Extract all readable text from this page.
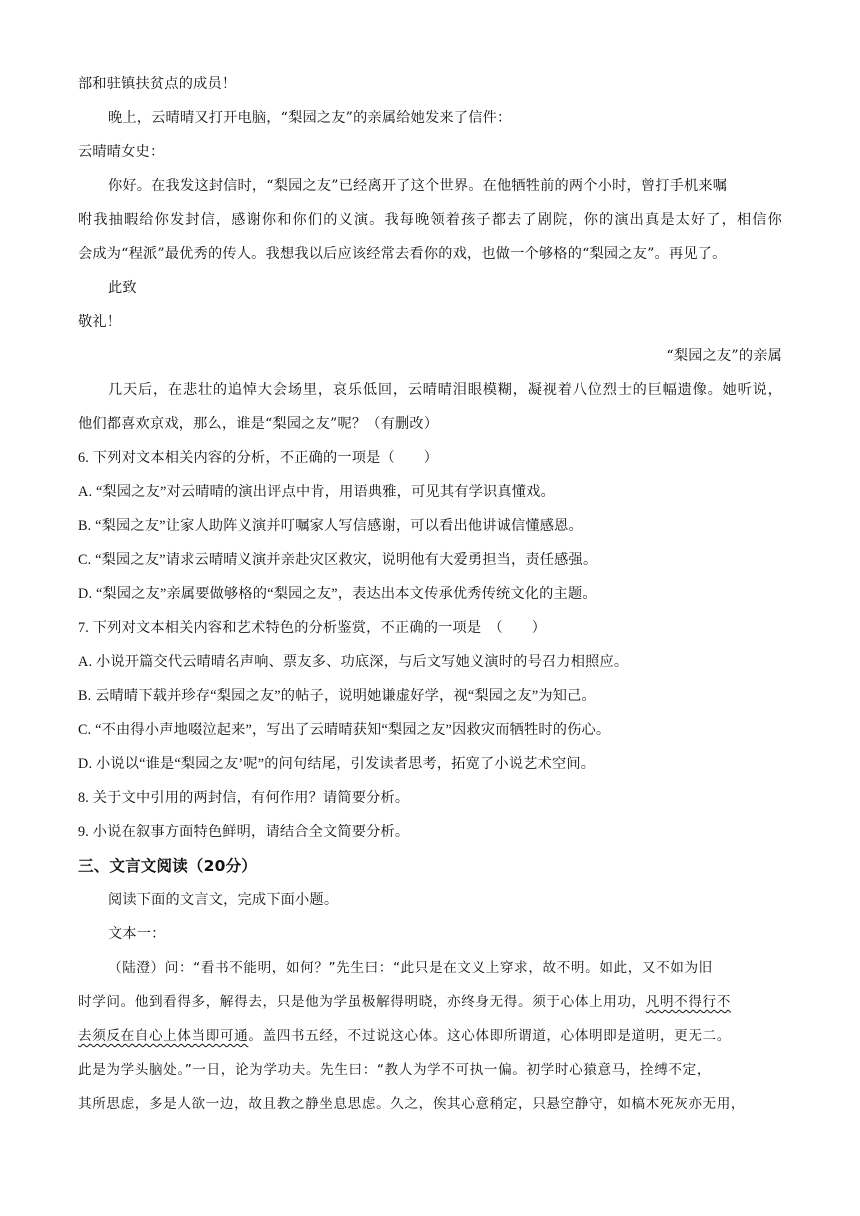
部和驻镇扶贫点的成员！
晚上，云晴晴又打开电脑，“梨园之友”的亲属给她发来了信件：
云晴晴女史：
你好。在我发这封信时，“梨园之友”已经离开了这个世界。在他牺牲前的两个小时，曾打手机来嘱
咐我抽暇给你发封信，感谢你和你们的义演。我每晚领着孩子都去了剧院，你的演出真是太好了，相信你
会成为“程派”最优秀的传人。我想我以后应该经常去看你的戏，也做一个够格的“梨园之友”。再见了。
此致
敬礼！
“梨园之友”的亲属
几天后，在悲壮的追悼大会场里，哀乐低回，云晴晴泪眼模糊，凝视着八位烈士的巨幅遗像。她听说，
他们都喜欢京戏，那么，谁是“梨园之友”呢？（有删改）
6. 下列对文本相关内容的分析，不正确的一项是（　　）
A. “梨园之友”对云晴晴的演出评点中肯，用语典雅，可见其有学识真懂戏。
B. “梨园之友”让家人助阵义演并叮嘱家人写信感谢，可以看出他讲诚信懂感恩。
C. “梨园之友”请求云晴晴义演并亲赴灾区救灾，说明他有大爱勇担当，责任感强。
D. “梨园之友”亲属要做够格的“梨园之友”，表达出本文传承优秀传统文化的主题。
7. 下列对文本相关内容和艺术特色的分析鉴赏，不正确的一项是　（　　）
A. 小说开篇交代云晴晴名声响、票友多、功底深，与后文写她义演时的号召力相照应。
B. 云晴晴下载并珍存“梨园之友”的帖子，说明她谦虚好学，视“梨园之友”为知己。
C. “不由得小声地啜泣起来”，写出了云晴晴获知“梨园之友”因救灾而牺牲时的伤心。
D. 小说以“谁是“梨园之友’呢”的问句结尾，引发读者思考，拓宽了小说艺术空间。
8. 关于文中引用的两封信，有何作用？请简要分析。
9. 小说在叙事方面特色鲜明，请结合全文简要分析。
三、文言文阅读（20分）
阅读下面的文言文，完成下面小题。
文本一：
（陆澄）问：“看书不能明，如何？”先生曰：“此只是在文义上穿求，故不明。如此，又不如为旧
时学问。他到看得多，解得去，只是他为学虽极解得明晓，亦终身无得。须于心体上用功，凡明不得行不
去须反在自心上体当即可通。盖四书五经，不过说这心体。这心体即所谓道，心体明即是道明，更无二。
此是为学头脑处。”一日，论为学功夫。先生曰：“教人为学不可执一偏。初学时心猿意马，拴缚不定，
其所思虑，多是人欲一边，故且教之静坐息思虑。久之，俟其心意稍定，只悬空静守，如槁木死灰亦无用，
